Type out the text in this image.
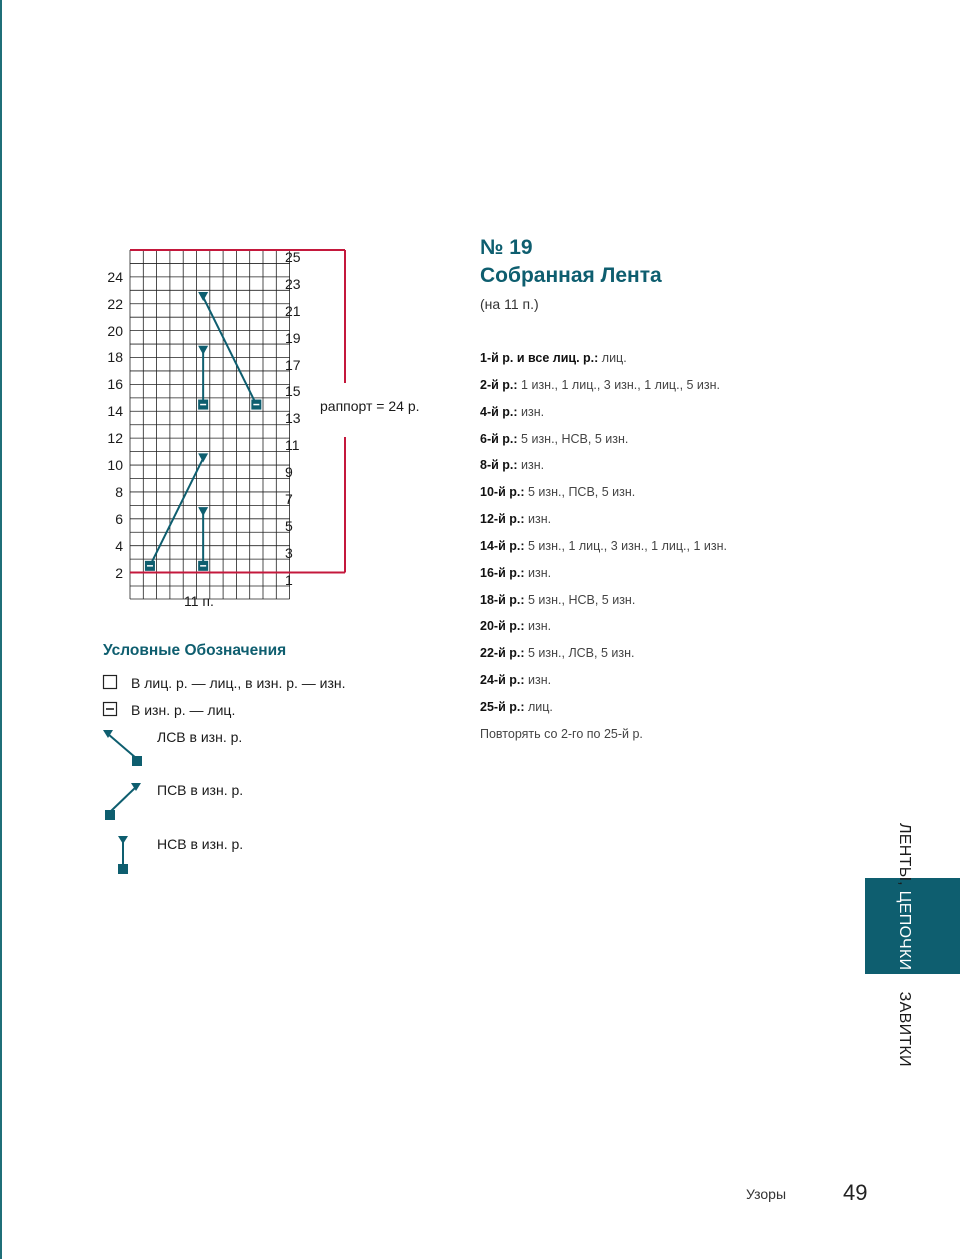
24
22
20
18
16
14
12
10
8
6
4
2
25
23
21
19
17
15
13
11
9
7
5
3
1
11 п.
раппорт = 24 р.
№ 19
Собранная Лента
(на 11 п.)
1-й р. и все лиц. р.: лиц.
2-й р.: 1 изн., 1 лиц., 3 изн., 1 лиц., 5 изн.
4-й р.: изн.
6-й р.: 5 изн., НСВ, 5 изн.
8-й р.: изн.
10-й р.: 5 изн., ПСВ, 5 изн.
12-й р.: изн.
14-й р.: 5 изн., 1 лиц., 3 изн., 1 лиц., 1 изн.
16-й р.: изн.
18-й р.: 5 изн., НСВ, 5 изн.
20-й р.: изн.
22-й р.: 5 изн., ЛСВ, 5 изн.
24-й р.: изн.
25-й р.: лиц.
Повторять со 2-го по 25-й р.
Условные Обозначения
В лиц. р. — лиц., в изн. р. — изн.
В изн. р. — лиц.
ЛСВ в изн. р.
ПСВ в изн. р.
НСВ в изн. р.	ЛЕНТЫ, ЦЕПОЧКИ И ЗАВИТКИ
Узоры	49
